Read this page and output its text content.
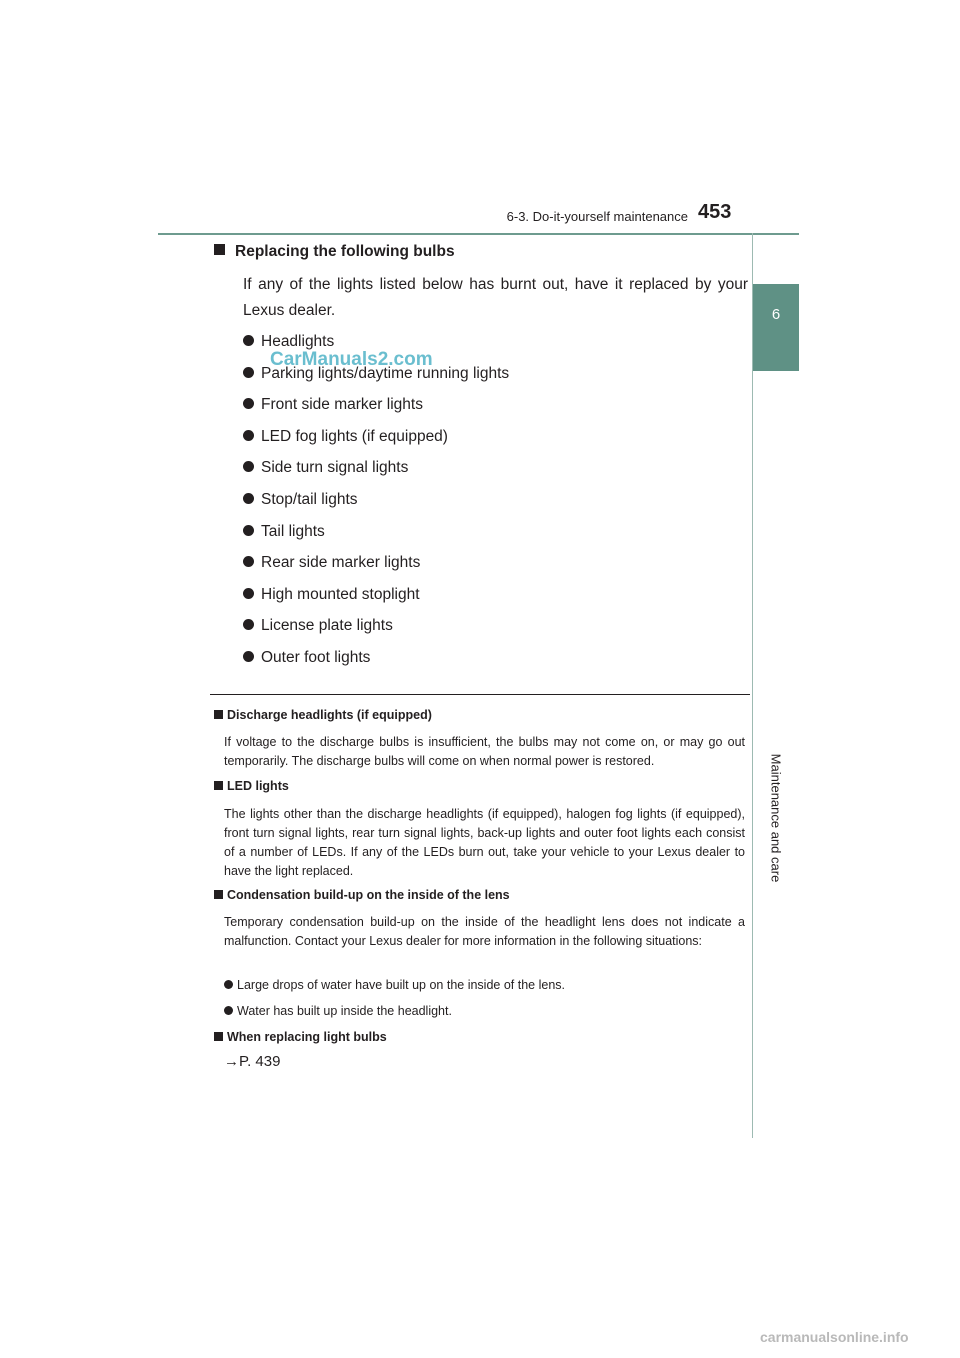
6-3. Do-it-yourself maintenance 453
6
Maintenance and care
Replacing the following bulbs
If any of the lights listed below has burnt out, have it replaced by your Lexus dealer.
Headlights
Parking lights/daytime running lights
Front side marker lights
LED fog lights (if equipped)
Side turn signal lights
Stop/tail lights
Tail lights
Rear side marker lights
High mounted stoplight
License plate lights
Outer foot lights
CarManuals2.com
Discharge headlights (if equipped)
If voltage to the discharge bulbs is insufficient, the bulbs may not come on, or may go out temporarily. The discharge bulbs will come on when normal power is restored.
LED lights
The lights other than the discharge headlights (if equipped), halogen fog lights (if equipped), front turn signal lights, rear turn signal lights, back-up lights and outer foot lights each consist of a number of LEDs. If any of the LEDs burn out, take your vehicle to your Lexus dealer to have the light replaced.
Condensation build-up on the inside of the lens
Temporary condensation build-up on the inside of the headlight lens does not indicate a malfunction. Contact your Lexus dealer for more information in the following situations:
Large drops of water have built up on the inside of the lens.
Water has built up inside the headlight.
When replacing light bulbs
→P. 439
carmanualsonline.info
